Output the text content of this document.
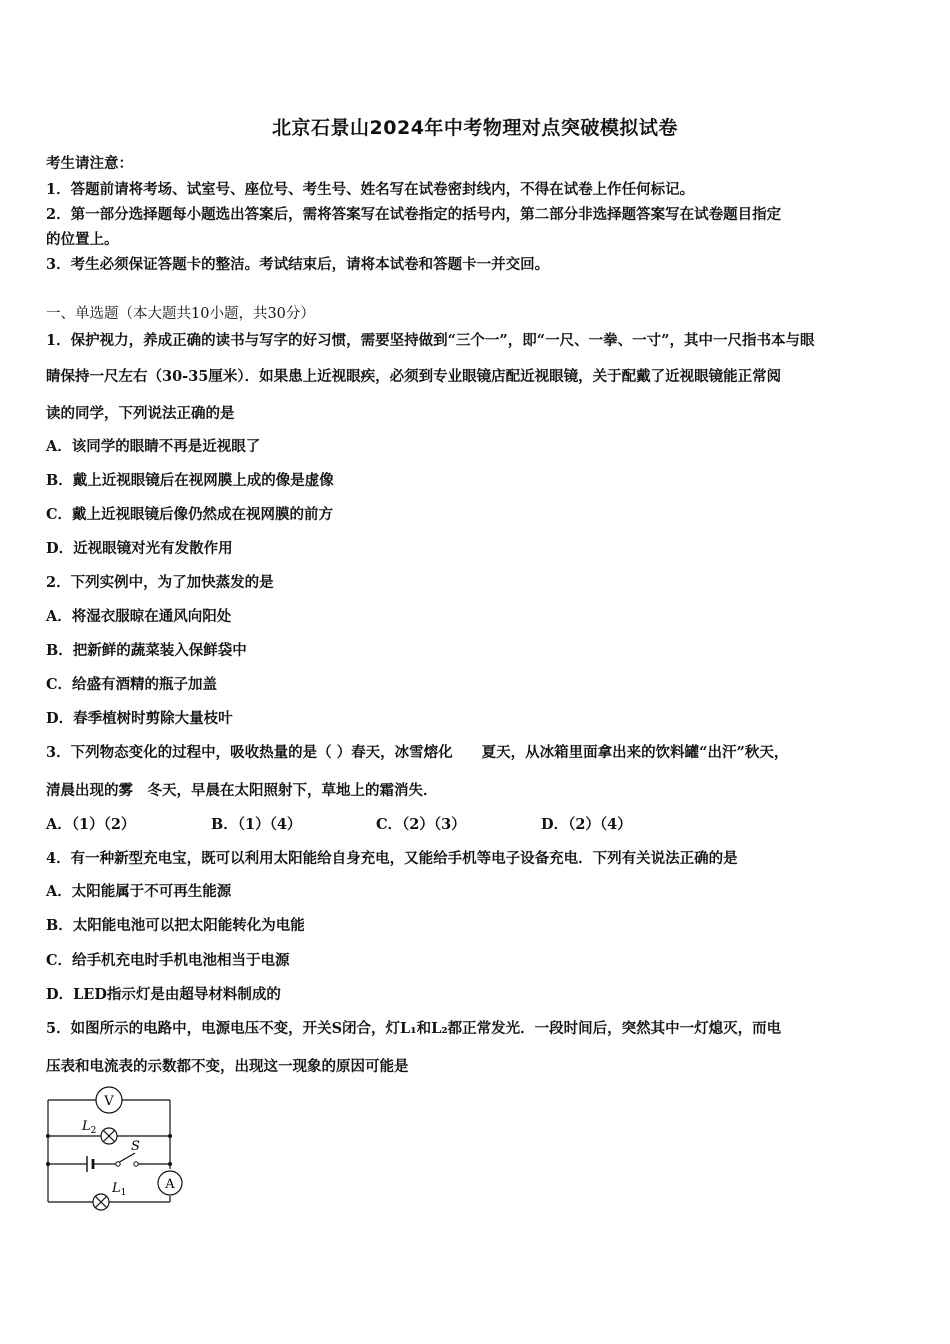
北京石景山2024年中考物理对点突破模拟试卷
考生请注意：
1．答题前请将考场、试室号、座位号、考生号、姓名写在试卷密封线内，不得在试卷上作任何标记。
2．第一部分选择题每小题选出答案后，需将答案写在试卷指定的括号内，第二部分非选择题答案写在试卷题目指定
的位置上。
3．考生必须保证答题卡的整洁。考试结束后，请将本试卷和答题卡一并交回。
一、单选题（本大题共10小题，共30分）
1．保护视力，养成正确的读书与写字的好习惯，需要坚持做到“三个一”，即“一尺、一拳、一寸”，其中一尺指书本与眼
睛保持一尺左右（30-35厘米）．如果患上近视眼疾，必须到专业眼镜店配近视眼镜，关于配戴了近视眼镜能正常阅
读的同学，下列说法正确的是
A．该同学的眼睛不再是近视眼了
B．戴上近视眼镜后在视网膜上成的像是虚像
C．戴上近视眼镜后像仍然成在视网膜的前方
D．近视眼镜对光有发散作用
2．下列实例中，为了加快蒸发的是
A．将湿衣服晾在通风向阳处
B．把新鲜的蔬菜装入保鲜袋中
C．给盛有酒精的瓶子加盖
D．春季植树时剪除大量枝叶
3．下列物态变化的过程中，吸收热量的是（ ）春天，冰雪熔化　　夏天，从冰箱里面拿出来的饮料罐“出汗”秋天，
清晨出现的雾　冬天，早晨在太阳照射下，草地上的霜消失．
A．（1）（2）	B．（1）（4）	C．（2）（3）	D．（2）（4）
4．有一种新型充电宝，既可以利用太阳能给自身充电，又能给手机等电子设备充电．下列有关说法正确的是
A．太阳能属于不可再生能源
B．太阳能电池可以把太阳能转化为电能
C．给手机充电时手机电池相当于电源
D．LED指示灯是由超导材料制成的
5．如图所示的电路中，电源电压不变，开关S闭合，灯L₁和L₂都正常发光．一段时间后，突然其中一灯熄灭，而电
压表和电流表的示数都不变，出现这一现象的原因可能是
S
V
$L_2$
$L_1$
A
